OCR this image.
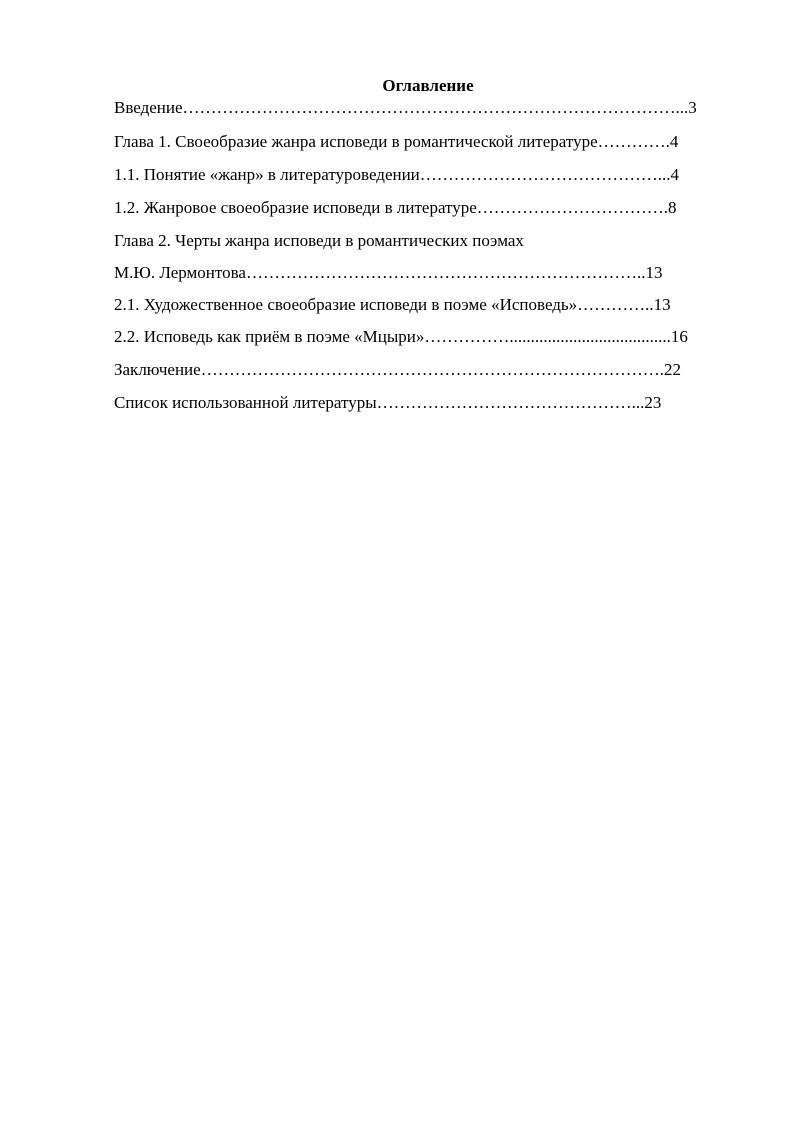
Оглавление
Введение……………………………………………………………………………...3
Глава 1. Своеобразие жанра исповеди в романтической литературе………….4
1.1. Понятие «жанр» в литературоведении……………………………………...4
1.2. Жанровое своеобразие исповеди в литературе…………………………….8
Глава 2. Черты жанра исповеди в романтических поэмах
М.Ю. Лермонтова……………………………………………………………..13
2.1. Художественное своеобразие исповеди в поэме «Исповедь»…………..13
2.2. Исповедь как приём в поэме «Мцыри»……………......................................16
Заключение……………………………………………………………………….22
Список использованной литературы………………………………………...23
